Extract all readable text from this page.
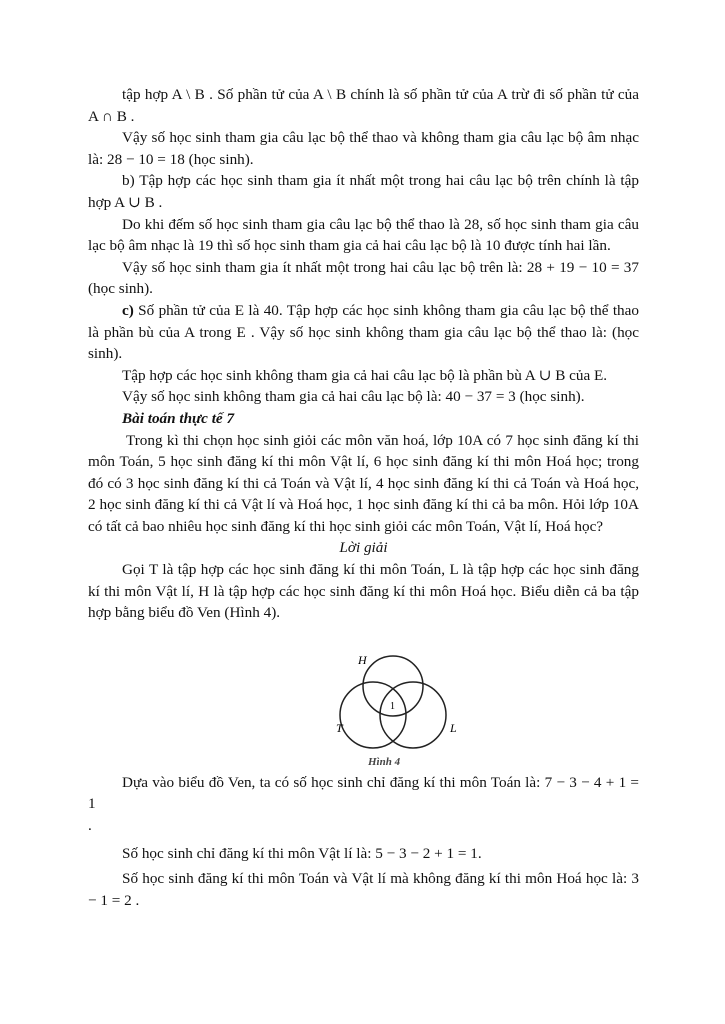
tập hợp A \ B . Số phần tử của A \ B chính là số phần tử của A trừ đi số phần tử của A ∩ B .

Vậy số học sinh tham gia câu lạc bộ thể thao và không tham gia câu lạc bộ âm nhạc là: 28 − 10 = 18 (học sinh).

b) Tập hợp các học sinh tham gia ít nhất một trong hai câu lạc bộ trên chính là tập hợp A ∪ B .

Do khi đếm số học sinh tham gia câu lạc bộ thể thao là 28, số học sinh tham gia câu lạc bộ âm nhạc là 19 thì số học sinh tham gia cả hai câu lạc bộ là 10 được tính hai lần.

Vậy số học sinh tham gia ít nhất một trong hai câu lạc bộ trên là: 28 + 19 − 10 = 37 (học sinh).

c) Số phần tử của E là 40. Tập hợp các học sinh không tham gia câu lạc bộ thể thao là phần bù của A trong E . Vậy số học sinh không tham gia câu lạc bộ thể thao là: (học sinh).

Tập hợp các học sinh không tham gia cả hai câu lạc bộ là phần bù A ∪ B của E.

Vậy số học sinh không tham gia cả hai câu lạc bộ là: 40 − 37 = 3 (học sinh).

Bài toán thực tế 7

Trong kì thi chọn học sinh giỏi các môn văn hoá, lớp 10A có 7 học sinh đăng kí thi môn Toán, 5 học sinh đăng kí thi môn Vật lí, 6 học sinh đăng kí thi môn Hoá học; trong đó có 3 học sinh đăng kí thi cả Toán và Vật lí, 4 học sinh đăng kí thi cả Toán và Hoá học, 2 học sinh đăng kí thi cả Vật lí và Hoá học, 1 học sinh đăng kí thi cả ba môn. Hỏi lớp 10A có tất cả bao nhiêu học sinh đăng kí thi học sinh giỏi các môn Toán, Vật lí, Hoá học?

Lời giải

Gọi T là tập hợp các học sinh đăng kí thi môn Toán, L là tập hợp các học sinh đăng kí thi môn Vật lí, H là tập hợp các học sinh đăng kí thi môn Hoá học. Biểu diễn cả ba tập hợp bằng biểu đồ Ven (Hình 4).

H
T	L
1
Hình 4

Dựa vào biểu đồ Ven, ta có số học sinh chỉ đăng kí thi môn Toán là: 7 − 3 − 4 + 1 = 1

.

Số học sinh chỉ đăng kí thi môn Vật lí là: 5 − 3 − 2 + 1 = 1.

Số học sinh đăng kí thi môn Toán và Vật lí mà không đăng kí thi môn Hoá học là: 3 − 1 = 2 .
